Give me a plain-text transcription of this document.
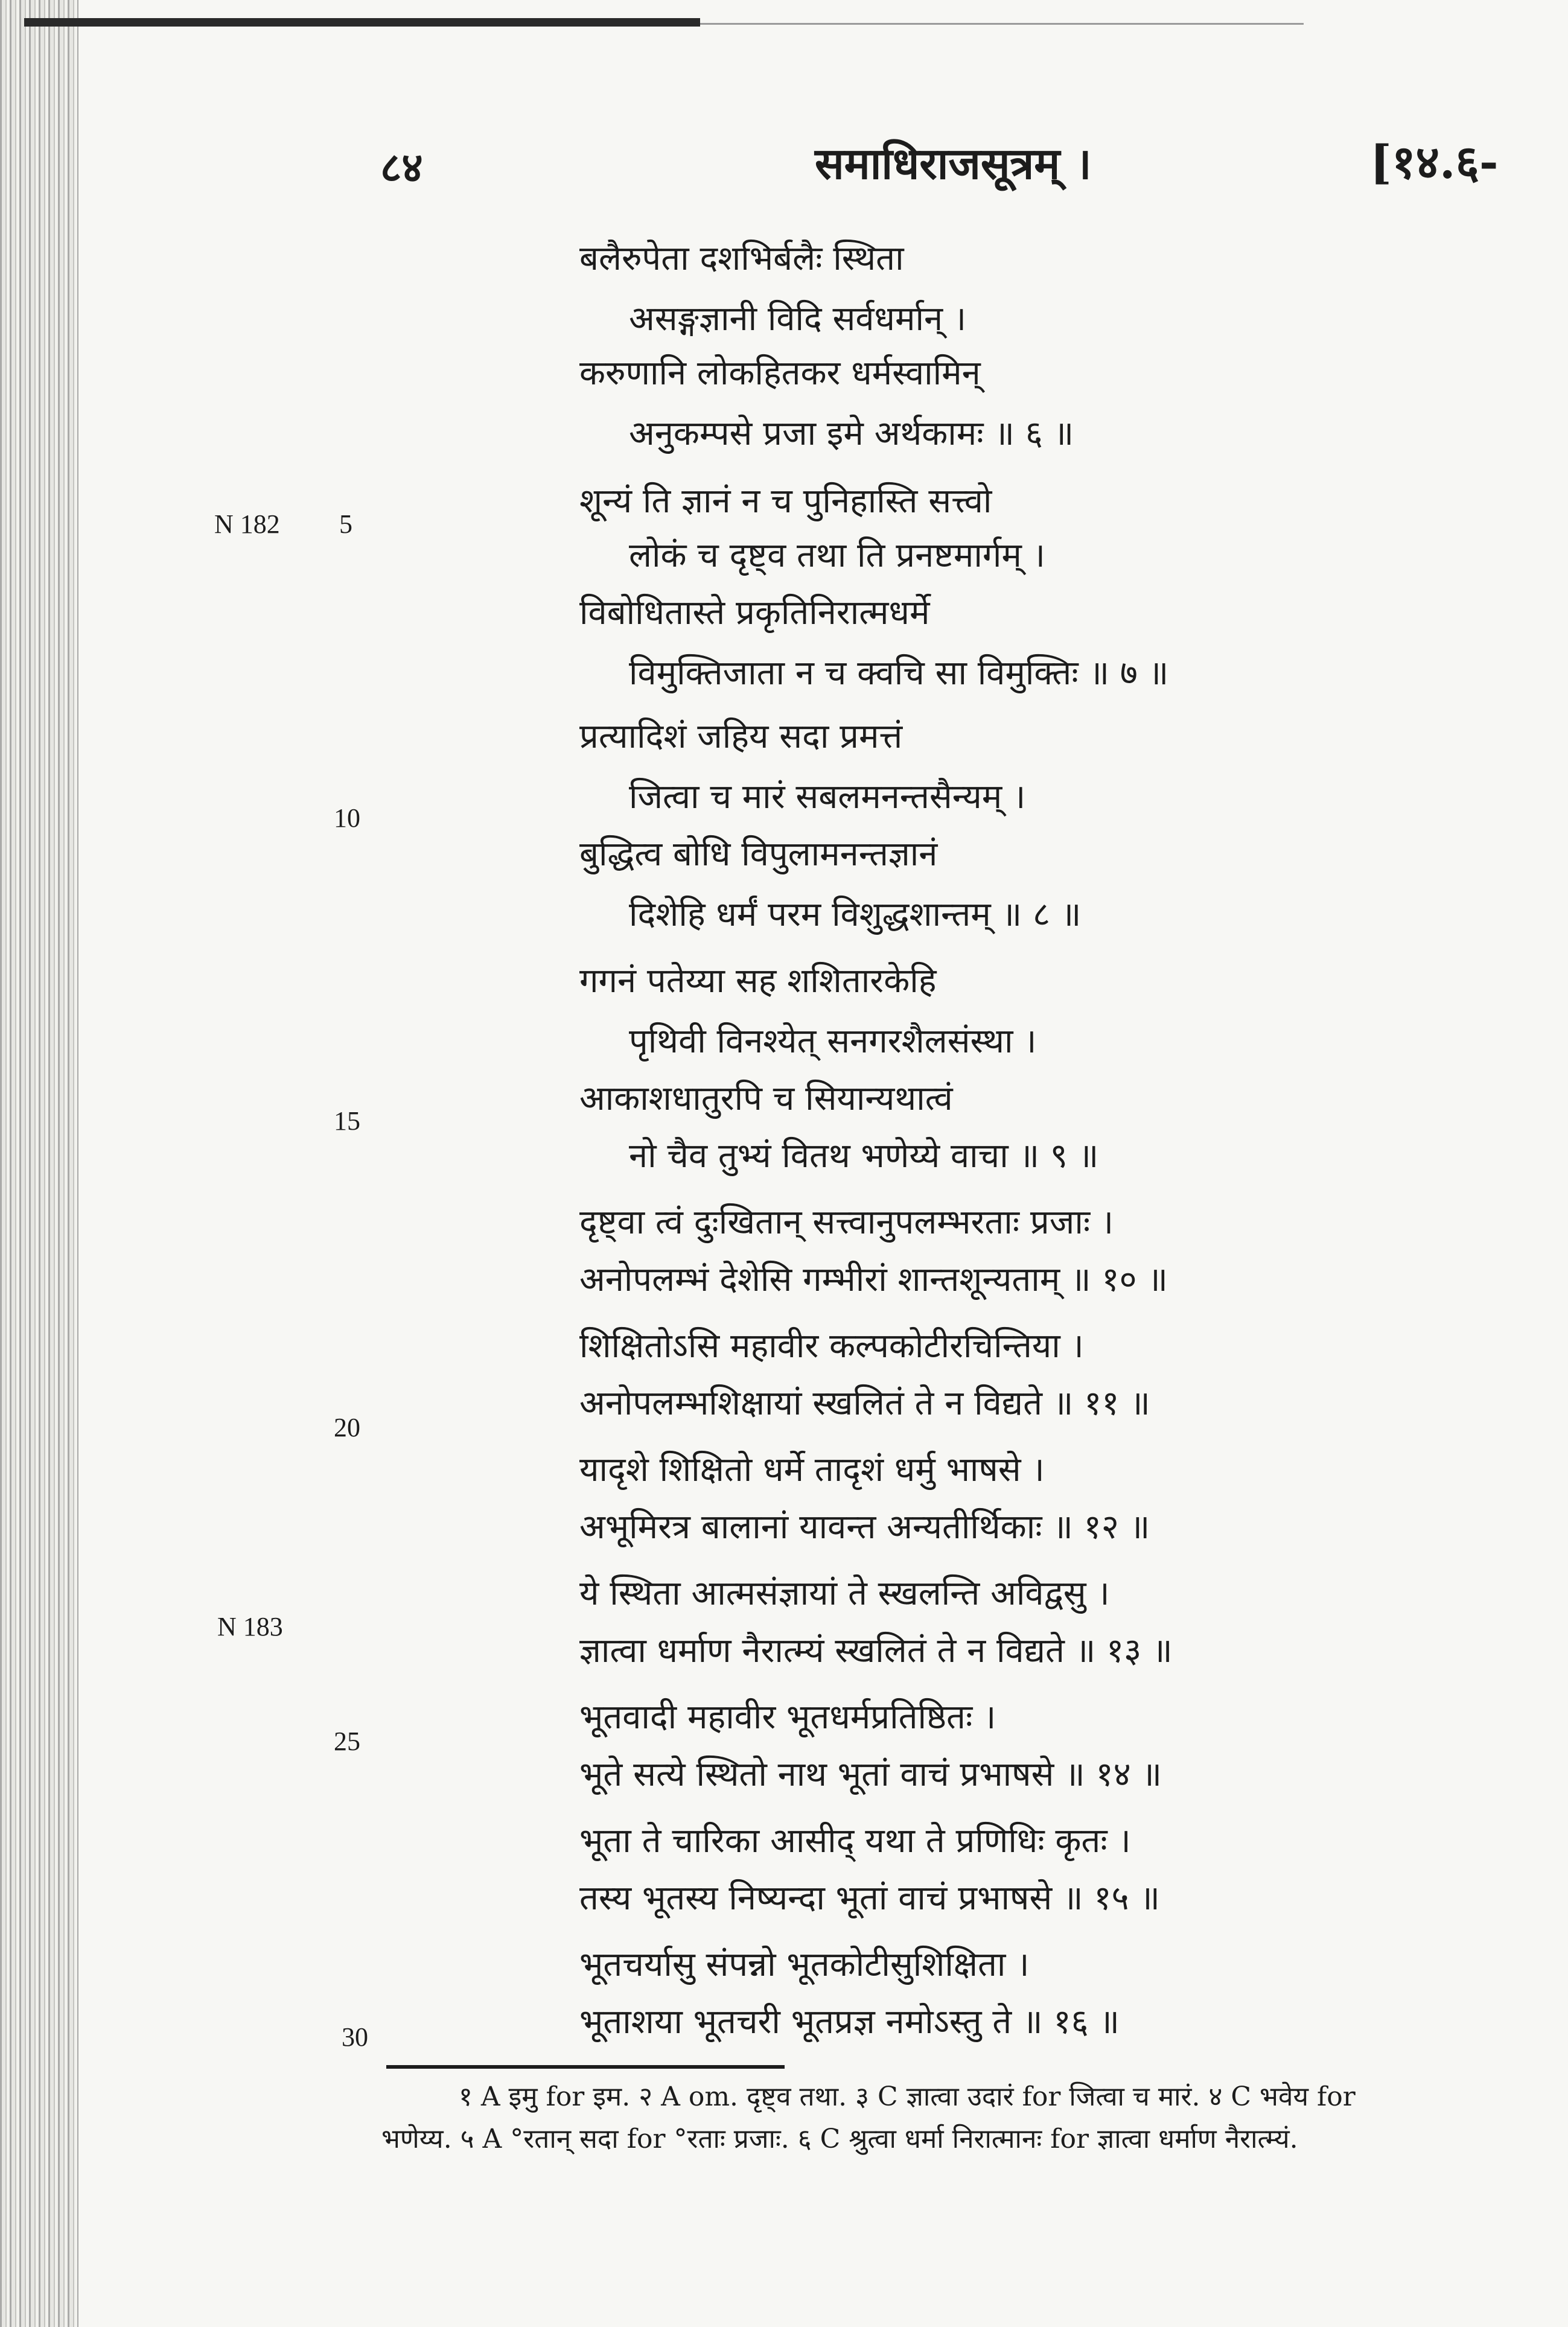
८४	समाधिराजसूत्रम् ।	[१४.६-
N 182
N 183
5
10
15
20
25
30
बलैरुपेता दशभिर्बलैः स्थिता
असङ्गज्ञानी विदि सर्वधर्मान् ।
करुणानि लोकहितकर धर्मस्वामिन्
अनुकम्पसे प्रजा इमे अर्थकामः ॥ ६ ॥
शून्यं ति ज्ञानं न च पुनिहास्ति सत्त्वो
लोकं च दृष्ट्व तथा ति प्रनष्टमार्गम् ।
विबोधितास्ते प्रकृतिनिरात्मधर्मे
विमुक्तिजाता न च क्वचि सा विमुक्तिः ॥ ७ ॥
प्रत्यादिशं जहिय सदा प्रमत्तं
जित्वा च मारं सबलमनन्तसैन्यम् ।
बुद्धित्व बोधि विपुलामनन्तज्ञानं
दिशेहि धर्मं परम विशुद्धशान्तम् ॥ ८ ॥
गगनं पतेय्या सह शशितारकेहि
पृथिवी विनश्येत् सनगरशैलसंस्था ।
आकाशधातुरपि च सियान्यथात्वं
नो चैव तुभ्यं वितथ भणेय्ये वाचा ॥ ९ ॥
दृष्ट्वा त्वं दुःखितान् सत्त्वानुपलम्भरताः प्रजाः ।
अनोपलम्भं देशेसि गम्भीरां शान्तशून्यताम् ॥ १० ॥
शिक्षितोऽसि महावीर कल्पकोटीरचिन्तिया ।
अनोपलम्भशिक्षायां स्खलितं ते न विद्यते ॥ ११ ॥
यादृशे शिक्षितो धर्मे तादृशं धर्मु भाषसे ।
अभूमिरत्र बालानां यावन्त अन्यतीर्थिकाः ॥ १२ ॥
ये स्थिता आत्मसंज्ञायां ते स्खलन्ति अविद्वसु ।
ज्ञात्वा धर्माण नैरात्म्यं स्खलितं ते न विद्यते ॥ १३ ॥
भूतवादी महावीर भूतधर्मप्रतिष्ठितः ।
भूते सत्ये स्थितो नाथ भूतां वाचं प्रभाषसे ॥ १४ ॥
भूता ते चारिका आसीद् यथा ते प्रणिधिः कृतः ।
तस्य भूतस्य निष्यन्दा भूतां वाचं प्रभाषसे ॥ १५ ॥
भूतचर्यासु संपन्नो भूतकोटीसुशिक्षिता ।
भूताशया भूतचरी भूतप्रज्ञ नमोऽस्तु ते ॥ १६ ॥
१ A इमु for इम. २ A om. दृष्ट्व तथा. ३ C ज्ञात्वा उदारं for जित्वा च मारं. ४ C भवेय for
भणेय्य. ५ A °रतान् सदा for °रताः प्रजाः. ६ C श्रुत्वा धर्मा निरात्मानः for ज्ञात्वा धर्माण नैरात्म्यं.
